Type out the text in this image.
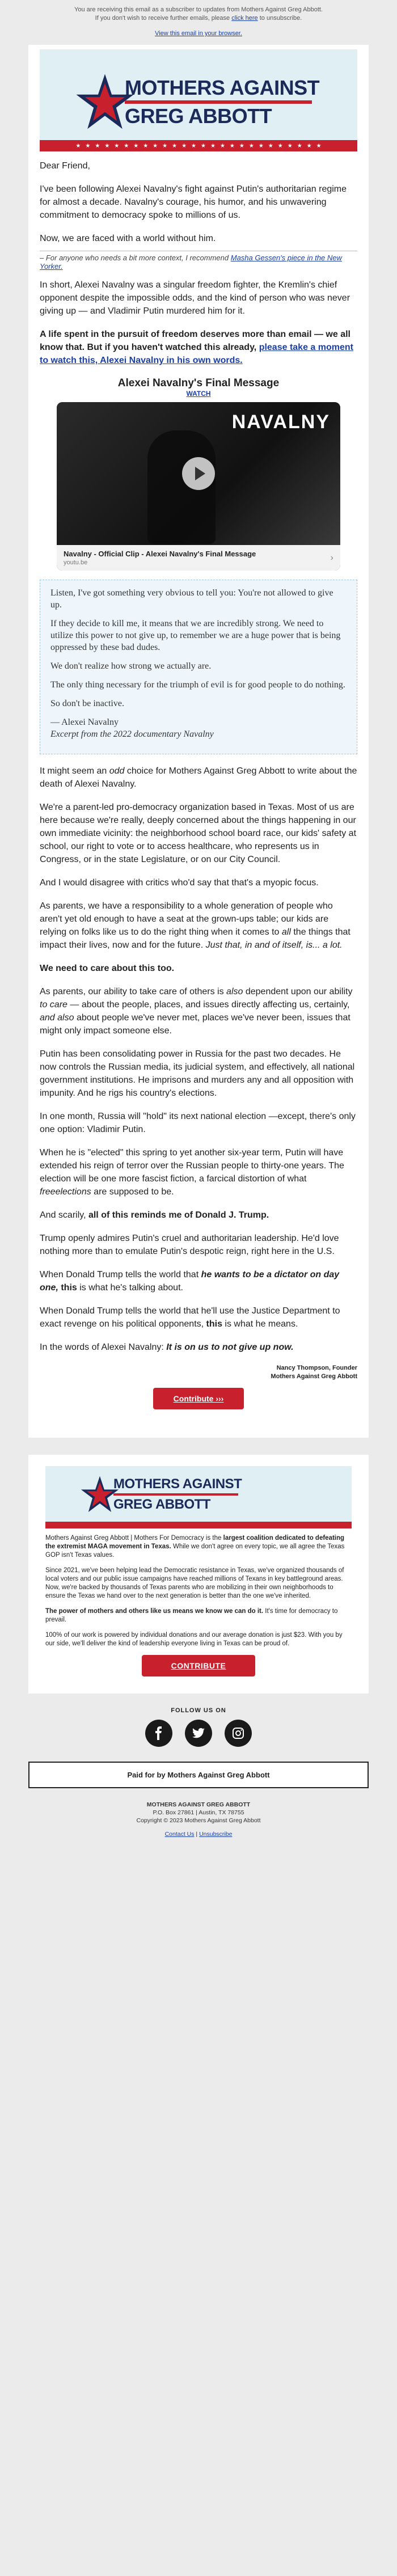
You are receiving this email as a subscriber to updates from Mothers Against Greg Abbott.
If you don't wish to receive further emails, please click here to unsubscribe.
View this email in your browser.
MOTHERS AGAINST
GREG ABBOTT
★ ★ ★ ★ ★ ★ ★ ★ ★ ★ ★ ★ ★ ★ ★ ★ ★ ★ ★ ★ ★ ★ ★ ★ ★ ★

Dear Friend,

I've been following Alexei Navalny's fight against Putin's authoritarian regime for almost a decade. Navalny's courage, his humor, and his unwavering commitment to democracy spoke to millions of us.

Now, we are faced with a world without him.

– For anyone who needs a bit more context, I recommend Masha Gessen's piece in the New Yorker.

In short, Alexei Navalny was a singular freedom fighter, the Kremlin's chief opponent despite the impossible odds, and the kind of person who was never giving up — and Vladimir Putin murdered him for it.

A life spent in the pursuit of freedom deserves more than email — we all know that. But if you haven't watched this already, please take a moment to watch this, Alexei Navalny in his own words.

Alexei Navalny's Final Message
WATCH
NAVALNY
Navalny - Official Clip - Alexei Navalny's Final Message
youtu.be	›

Listen, I've got something very obvious to tell you: You're not allowed to give up.

If they decide to kill me, it means that we are incredibly strong. We need to utilize this power to not give up, to remember we are a huge power that is being oppressed by these bad dudes.

We don't realize how strong we actually are.

The only thing necessary for the triumph of evil is for good people to do nothing.

So don't be inactive.

— Alexei Navalny

Excerpt from the 2022 documentary Navalny

It might seem an odd choice for Mothers Against Greg Abbott to write about the death of Alexei Navalny.

We're a parent-led pro-democracy organization based in Texas. Most of us are here because we're really, deeply concerned about the things happening in our own immediate vicinity: the neighborhood school board race, our kids' safety at school, our right to vote or to access healthcare, who represents us in Congress, or in the state Legislature, or on our City Council.

And I would disagree with critics who'd say that that's a myopic focus.

As parents, we have a responsibility to a whole generation of people who aren't yet old enough to have a seat at the grown-ups table; our kids are relying on folks like us to do the right thing when it comes to all the things that impact their lives, now and for the future. Just that, in and of itself, is... a lot.

We need to care about this too.

As parents, our ability to take care of others is also dependent upon our ability to care — about the people, places, and issues directly affecting us, certainly, and also about people we've never met, places we've never been, issues that might only impact someone else.

Putin has been consolidating power in Russia for the past two decades. He now controls the Russian media, its judicial system, and effectively, all national government institutions. He imprisons and murders any and all opposition with impunity. And he rigs his country's elections.

In one month, Russia will "hold" its next national election —except, there's only one option: Vladimir Putin.

When he is "elected" this spring to yet another six-year term, Putin will have extended his reign of terror over the Russian people to thirty-one years. The election will be one more fascist fiction, a farcical distortion of what freeelections are supposed to be.

And scarily, all of this reminds me of Donald J. Trump.

Trump openly admires Putin's cruel and authoritarian leadership. He'd love nothing more than to emulate Putin's despotic reign, right here in the U.S.

When Donald Trump tells the world that he wants to be a dictator on day one, this is what he's talking about.

When Donald Trump tells the world that he'll use the Justice Department to exact revenge on his political opponents, this is what he means.

In the words of Alexei Navalny: It is on us to not give up now.

Nancy Thompson, Founder
Mothers Against Greg Abbott
Contribute ›››
MOTHERS AGAINST
GREG ABBOTT

Mothers Against Greg Abbott | Mothers For Democracy is the largest coalition dedicated to defeating the extremist MAGA movement in Texas. While we don't agree on every topic, we all agree the Texas GOP isn't Texas values.

Since 2021, we've been helping lead the Democratic resistance in Texas, we've organized thousands of local voters and our public issue campaigns have reached millions of Texans in key battleground areas. Now, we're backed by thousands of Texas parents who are mobilizing in their own neighborhoods to ensure the Texas we hand over to the next generation is better than the one we've inherited.

The power of mothers and others like us means we know we can do it. It's time for democracy to prevail.

100% of our work is powered by individual donations and our average donation is just $23. With you by our side, we'll deliver the kind of leadership everyone living in Texas can be proud of.

CONTRIBUTE
FOLLOW US ON
Paid for by Mothers Against Greg Abbott
MOTHERS AGAINST GREG ABBOTT
P.O. Box 27861 | Austin, TX 78755
Copyright © 2023 Mothers Against Greg Abbott
Contact Us | Unsubscribe
